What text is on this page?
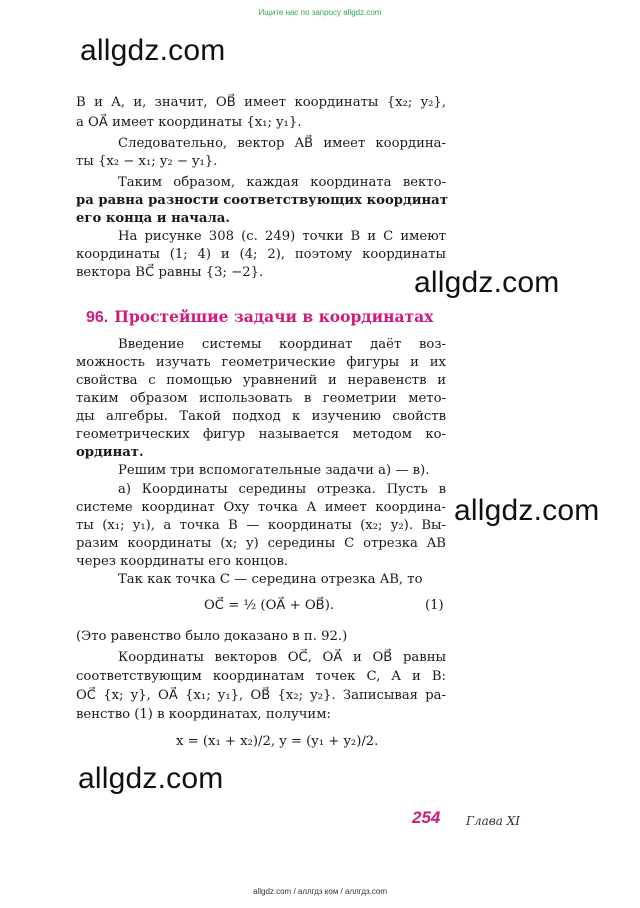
Ищите нас по запросу allgdz.com
allgdz.com
allgdz.com
allgdz.com
allgdz.com
B и A, и, значит, OB⃗ имеет координаты {x₂; y₂},
а OA⃗ имеет координаты {x₁; y₁}.
Следовательно, вектор AB⃗ имеет координа-
ты {x₂ − x₁; y₂ − y₁}.
Таким образом, каждая координата векто-
ра равна разности соответствующих координат
его конца и начала.
На рисунке 308 (с. 249) точки B и C имеют
координаты (1; 4) и (4; 2), поэтому координаты
вектора BC⃗ равны {3; −2}.
96. Простейшие задачи в координатах
Введение системы координат даёт воз-
можность изучать геометрические фигуры и их
свойства с помощью уравнений и неравенств и
таким образом использовать в геометрии мето-
ды алгебры. Такой подход к изучению свойств
геометрических фигур называется методом ко-
ординат.
Решим три вспомогательные задачи а) — в).
а) Координаты середины отрезка. Пусть в
системе координат Oxy точка A имеет координа-
ты (x₁; y₁), а точка B — координаты (x₂; y₂). Вы-
разим координаты (x; y) середины C отрезка AB
через координаты его концов.
Так как точка C — середина отрезка AB, то
OC⃗ = ½ (OA⃗ + OB⃗).	(1)
(Это равенство было доказано в п. 92.)
Координаты векторов OC⃗, OA⃗ и OB⃗ равны
соответствующим координатам точек C, A и B:
OC⃗ {x; y}, OA⃗ {x₁; y₁}, OB⃗ {x₂; y₂}. Записывая ра-
венство (1) в координатах, получим:
x = (x₁ + x₂)/2, y = (y₁ + y₂)/2.
254 Глава XI
allgdz.com / аллгдз ком / аллгдз.com
